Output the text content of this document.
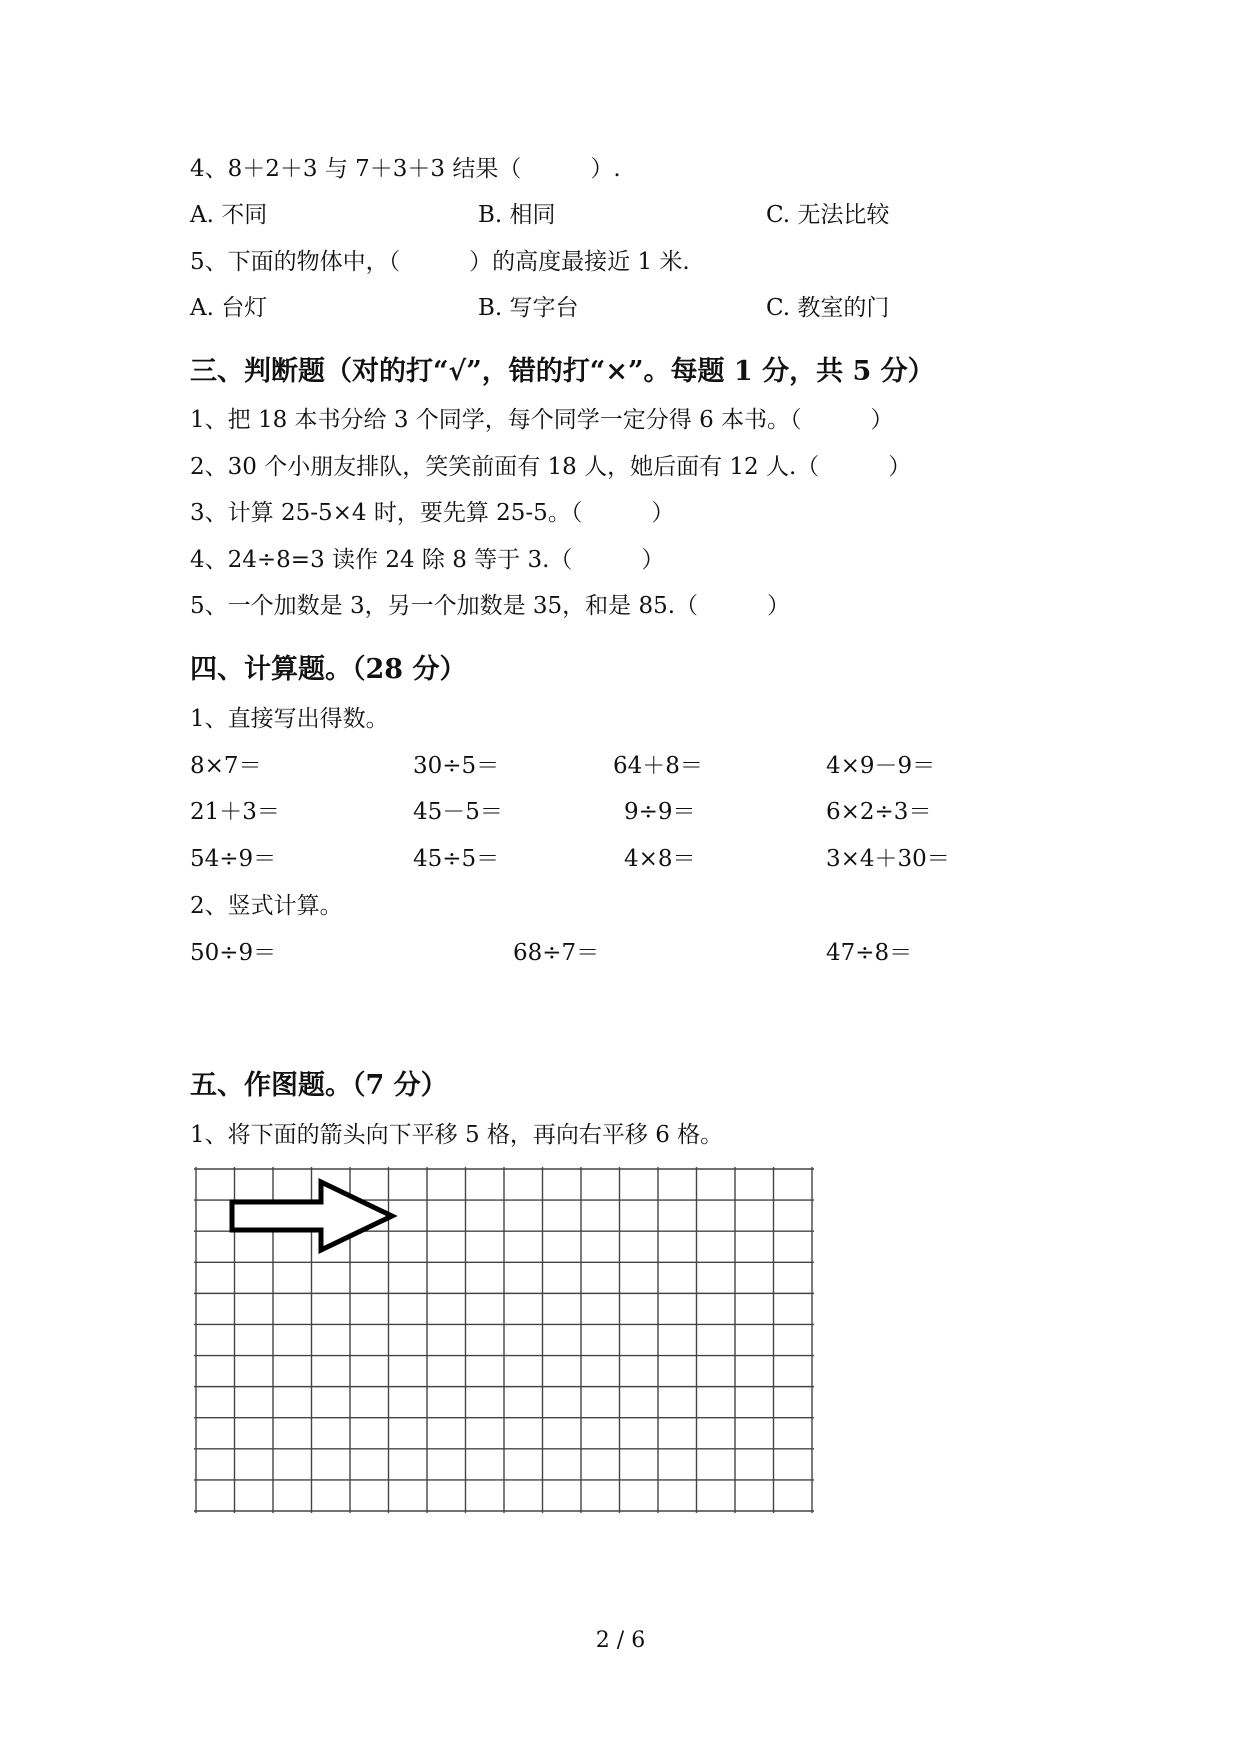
4、8＋2＋3 与 7＋3＋3 结果（　　　）.
A. 不同	B. 相同	C. 无法比较
5、下面的物体中，（　　　）的高度最接近 1 米.
A. 台灯	B. 写字台	C. 教室的门
三、判断题（对的打“√”，错的打“×”。每题 1 分，共 5 分）
1、把 18 本书分给 3 个同学，每个同学一定分得 6 本书。（　　　）
2、30 个小朋友排队，笑笑前面有 18 人，她后面有 12 人.（　　　）
3、计算 25-5×4 时，要先算 25-5。（　　　）
4、24÷8=3 读作 24 除 8 等于 3.（　　　）
5、一个加数是 3，另一个加数是 35，和是 85.（　　　）
四、计算题。（28 分）
1、直接写出得数。
8×7＝	30÷5＝	64＋8＝	4×9－9＝
21＋3＝	45－5＝	9÷9＝	6×2÷3＝
54÷9＝	45÷5＝	4×8＝	3×4＋30＝
2、竖式计算。
50÷9＝	68÷7＝	47÷8＝
五、作图题。（7 分）
1、将下面的箭头向下平移 5 格，再向右平移 6 格。
2 / 6
